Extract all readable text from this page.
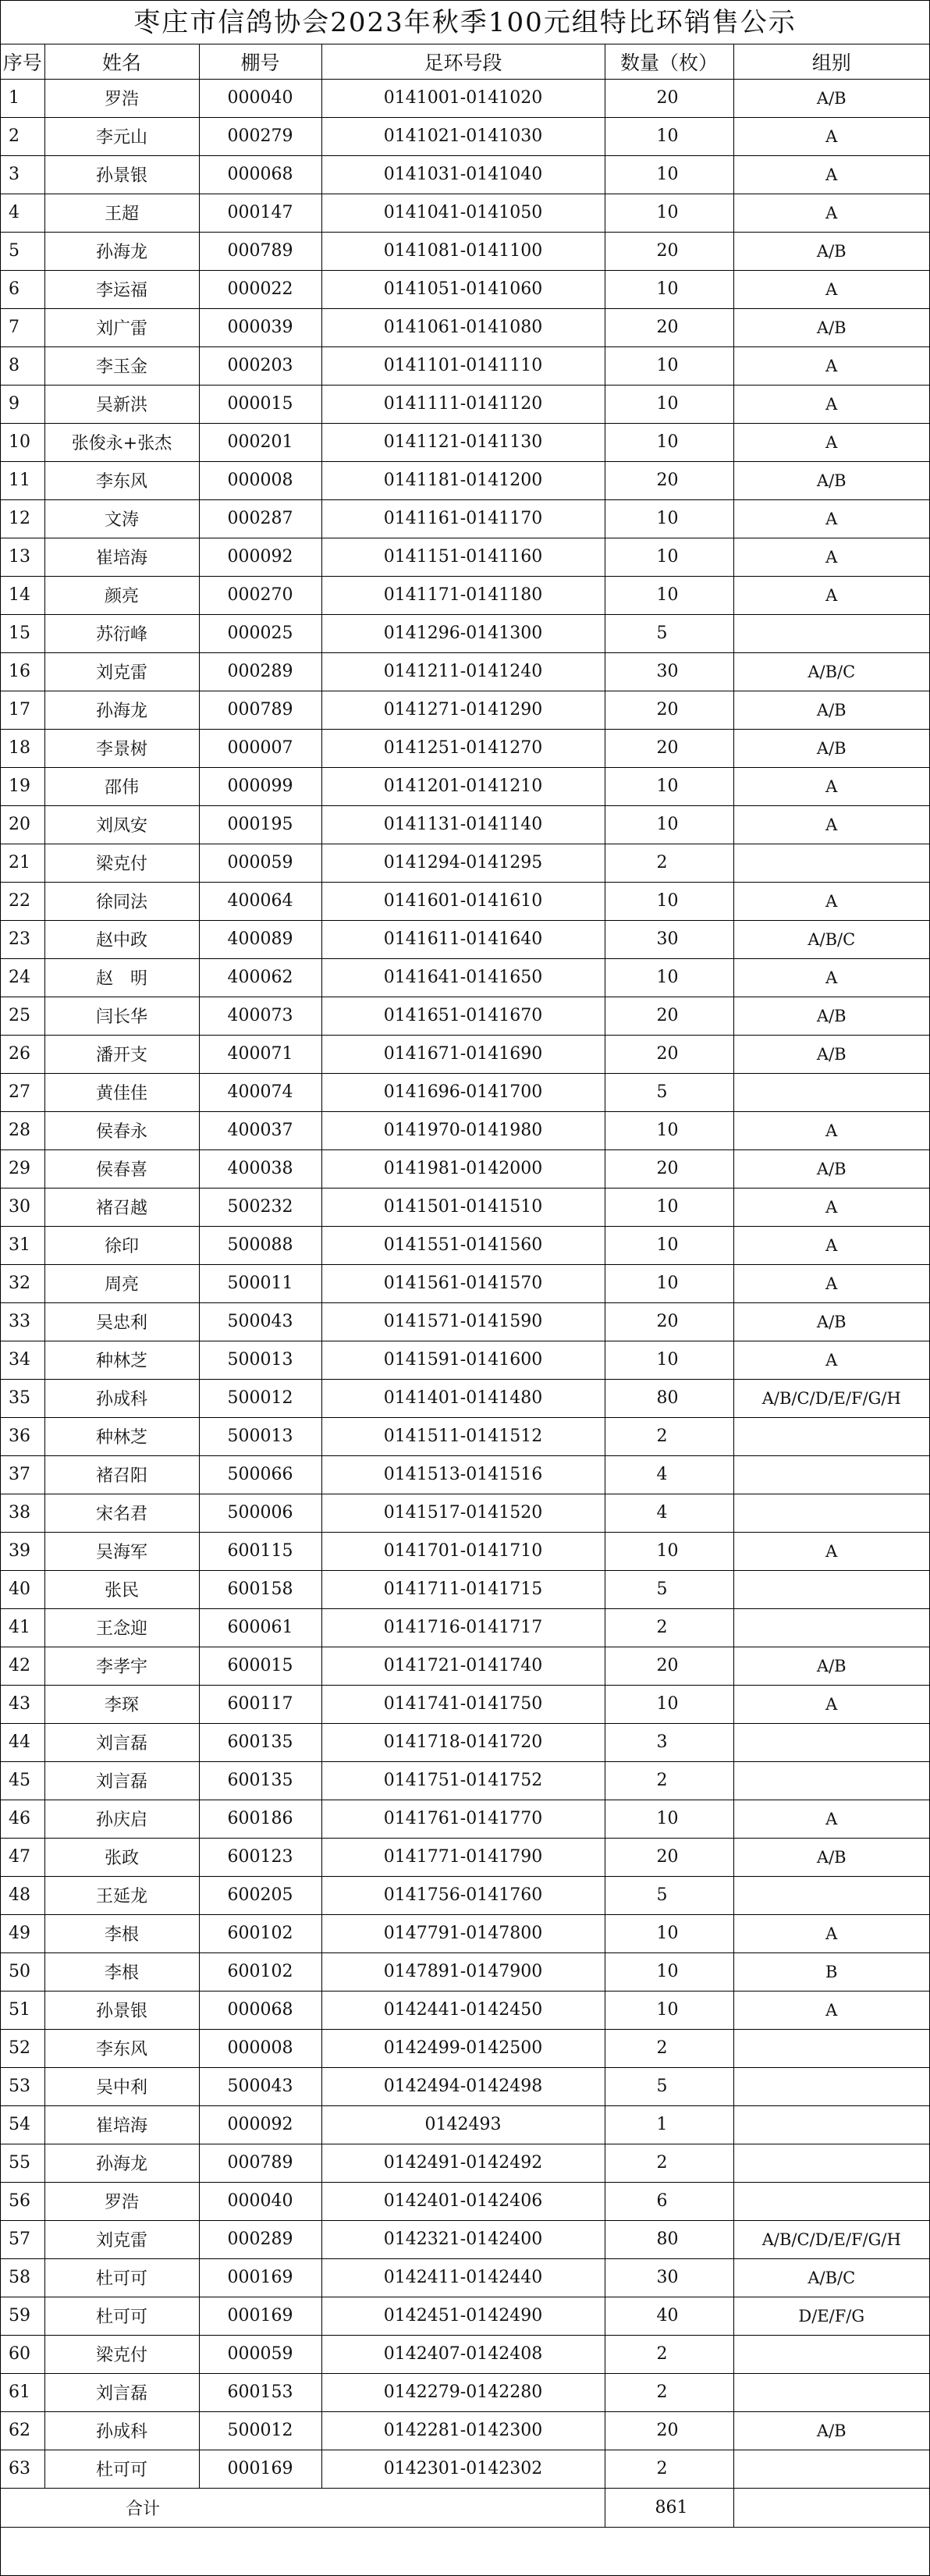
枣庄市信鸽协会2023年秋季100元组特比环销售公示
序号	姓名	棚号	足环号段	数量（枚）	组别
1	罗浩	000040	0141001-0141020	20	A/B
2	李元山	000279	0141021-0141030	10	A
3	孙景银	000068	0141031-0141040	10	A
4	王超	000147	0141041-0141050	10	A
5	孙海龙	000789	0141081-0141100	20	A/B
6	李运福	000022	0141051-0141060	10	A
7	刘广雷	000039	0141061-0141080	20	A/B
8	李玉金	000203	0141101-0141110	10	A
9	吴新洪	000015	0141111-0141120	10	A
10	张俊永+张杰	000201	0141121-0141130	10	A
11	李东风	000008	0141181-0141200	20	A/B
12	文涛	000287	0141161-0141170	10	A
13	崔培海	000092	0141151-0141160	10	A
14	颜亮	000270	0141171-0141180	10	A
15	苏衍峰	000025	0141296-0141300	5	
16	刘克雷	000289	0141211-0141240	30	A/B/C
17	孙海龙	000789	0141271-0141290	20	A/B
18	李景树	000007	0141251-0141270	20	A/B
19	邵伟	000099	0141201-0141210	10	A
20	刘凤安	000195	0141131-0141140	10	A
21	梁克付	000059	0141294-0141295	2	
22	徐同法	400064	0141601-0141610	10	A
23	赵中政	400089	0141611-0141640	30	A/B/C
24	赵　明	400062	0141641-0141650	10	A
25	闫长华	400073	0141651-0141670	20	A/B
26	潘开支	400071	0141671-0141690	20	A/B
27	黄佳佳	400074	0141696-0141700	5	
28	侯春永	400037	0141970-0141980	10	A
29	侯春喜	400038	0141981-0142000	20	A/B
30	褚召越	500232	0141501-0141510	10	A
31	徐印	500088	0141551-0141560	10	A
32	周亮	500011	0141561-0141570	10	A
33	吴忠利	500043	0141571-0141590	20	A/B
34	种林芝	500013	0141591-0141600	10	A
35	孙成科	500012	0141401-0141480	80	A/B/C/D/E/F/G/H
36	种林芝	500013	0141511-0141512	2	
37	褚召阳	500066	0141513-0141516	4	
38	宋名君	500006	0141517-0141520	4	
39	吴海军	600115	0141701-0141710	10	A
40	张民	600158	0141711-0141715	5	
41	王念迎	600061	0141716-0141717	2	
42	李孝宇	600015	0141721-0141740	20	A/B
43	李琛	600117	0141741-0141750	10	A
44	刘言磊	600135	0141718-0141720	3	
45	刘言磊	600135	0141751-0141752	2	
46	孙庆启	600186	0141761-0141770	10	A
47	张政	600123	0141771-0141790	20	A/B
48	王延龙	600205	0141756-0141760	5	
49	李根	600102	0147791-0147800	10	A
50	李根	600102	0147891-0147900	10	B
51	孙景银	000068	0142441-0142450	10	A
52	李东风	000008	0142499-0142500	2	
53	吴中利	500043	0142494-0142498	5	
54	崔培海	000092	0142493	1	
55	孙海龙	000789	0142491-0142492	2	
56	罗浩	000040	0142401-0142406	6	
57	刘克雷	000289	0142321-0142400	80	A/B/C/D/E/F/G/H
58	杜可可	000169	0142411-0142440	30	A/B/C
59	杜可可	000169	0142451-0142490	40	D/E/F/G
60	梁克付	000059	0142407-0142408	2	
61	刘言磊	600153	0142279-0142280	2	
62	孙成科	500012	0142281-0142300	20	A/B
63	杜可可	000169	0142301-0142302	2	
合计				861	
